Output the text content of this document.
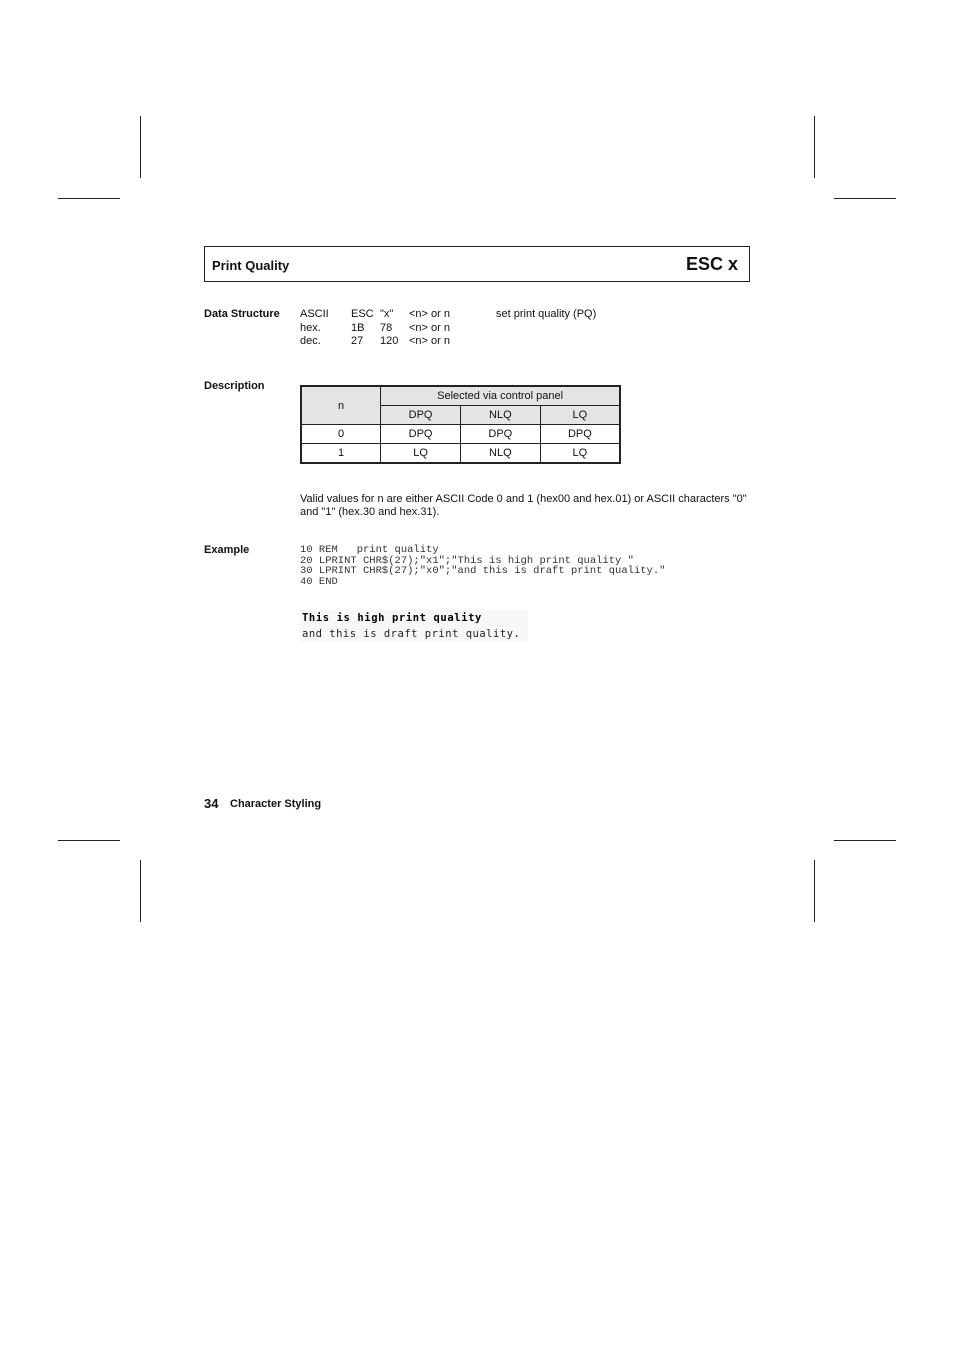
Print Quality	ESC x
Data Structure ASCII ESC "x" <n> or n	set print quality (PQ)
hex.	1B 78 <n> or n
dec.	27 120 <n> or n
Description
n	Selected via control panel		
	DPQ	NLQ	LQ
0	DPQ	DPQ	DPQ
1	LQ	NLQ	LQ
Valid values for n are either ASCII Code 0 and 1 (hex00 and hex.01) or ASCII characters "0" and "1" (hex.30 and hex.31).
Example	10 REM   print quality
20 LPRINT CHR$(27);"x1";"This is high print quality "
30 LPRINT CHR$(27);"x0";"and this is draft print quality."
40 END
This is high print quality
and this is draft print quality.
34 Character Styling
